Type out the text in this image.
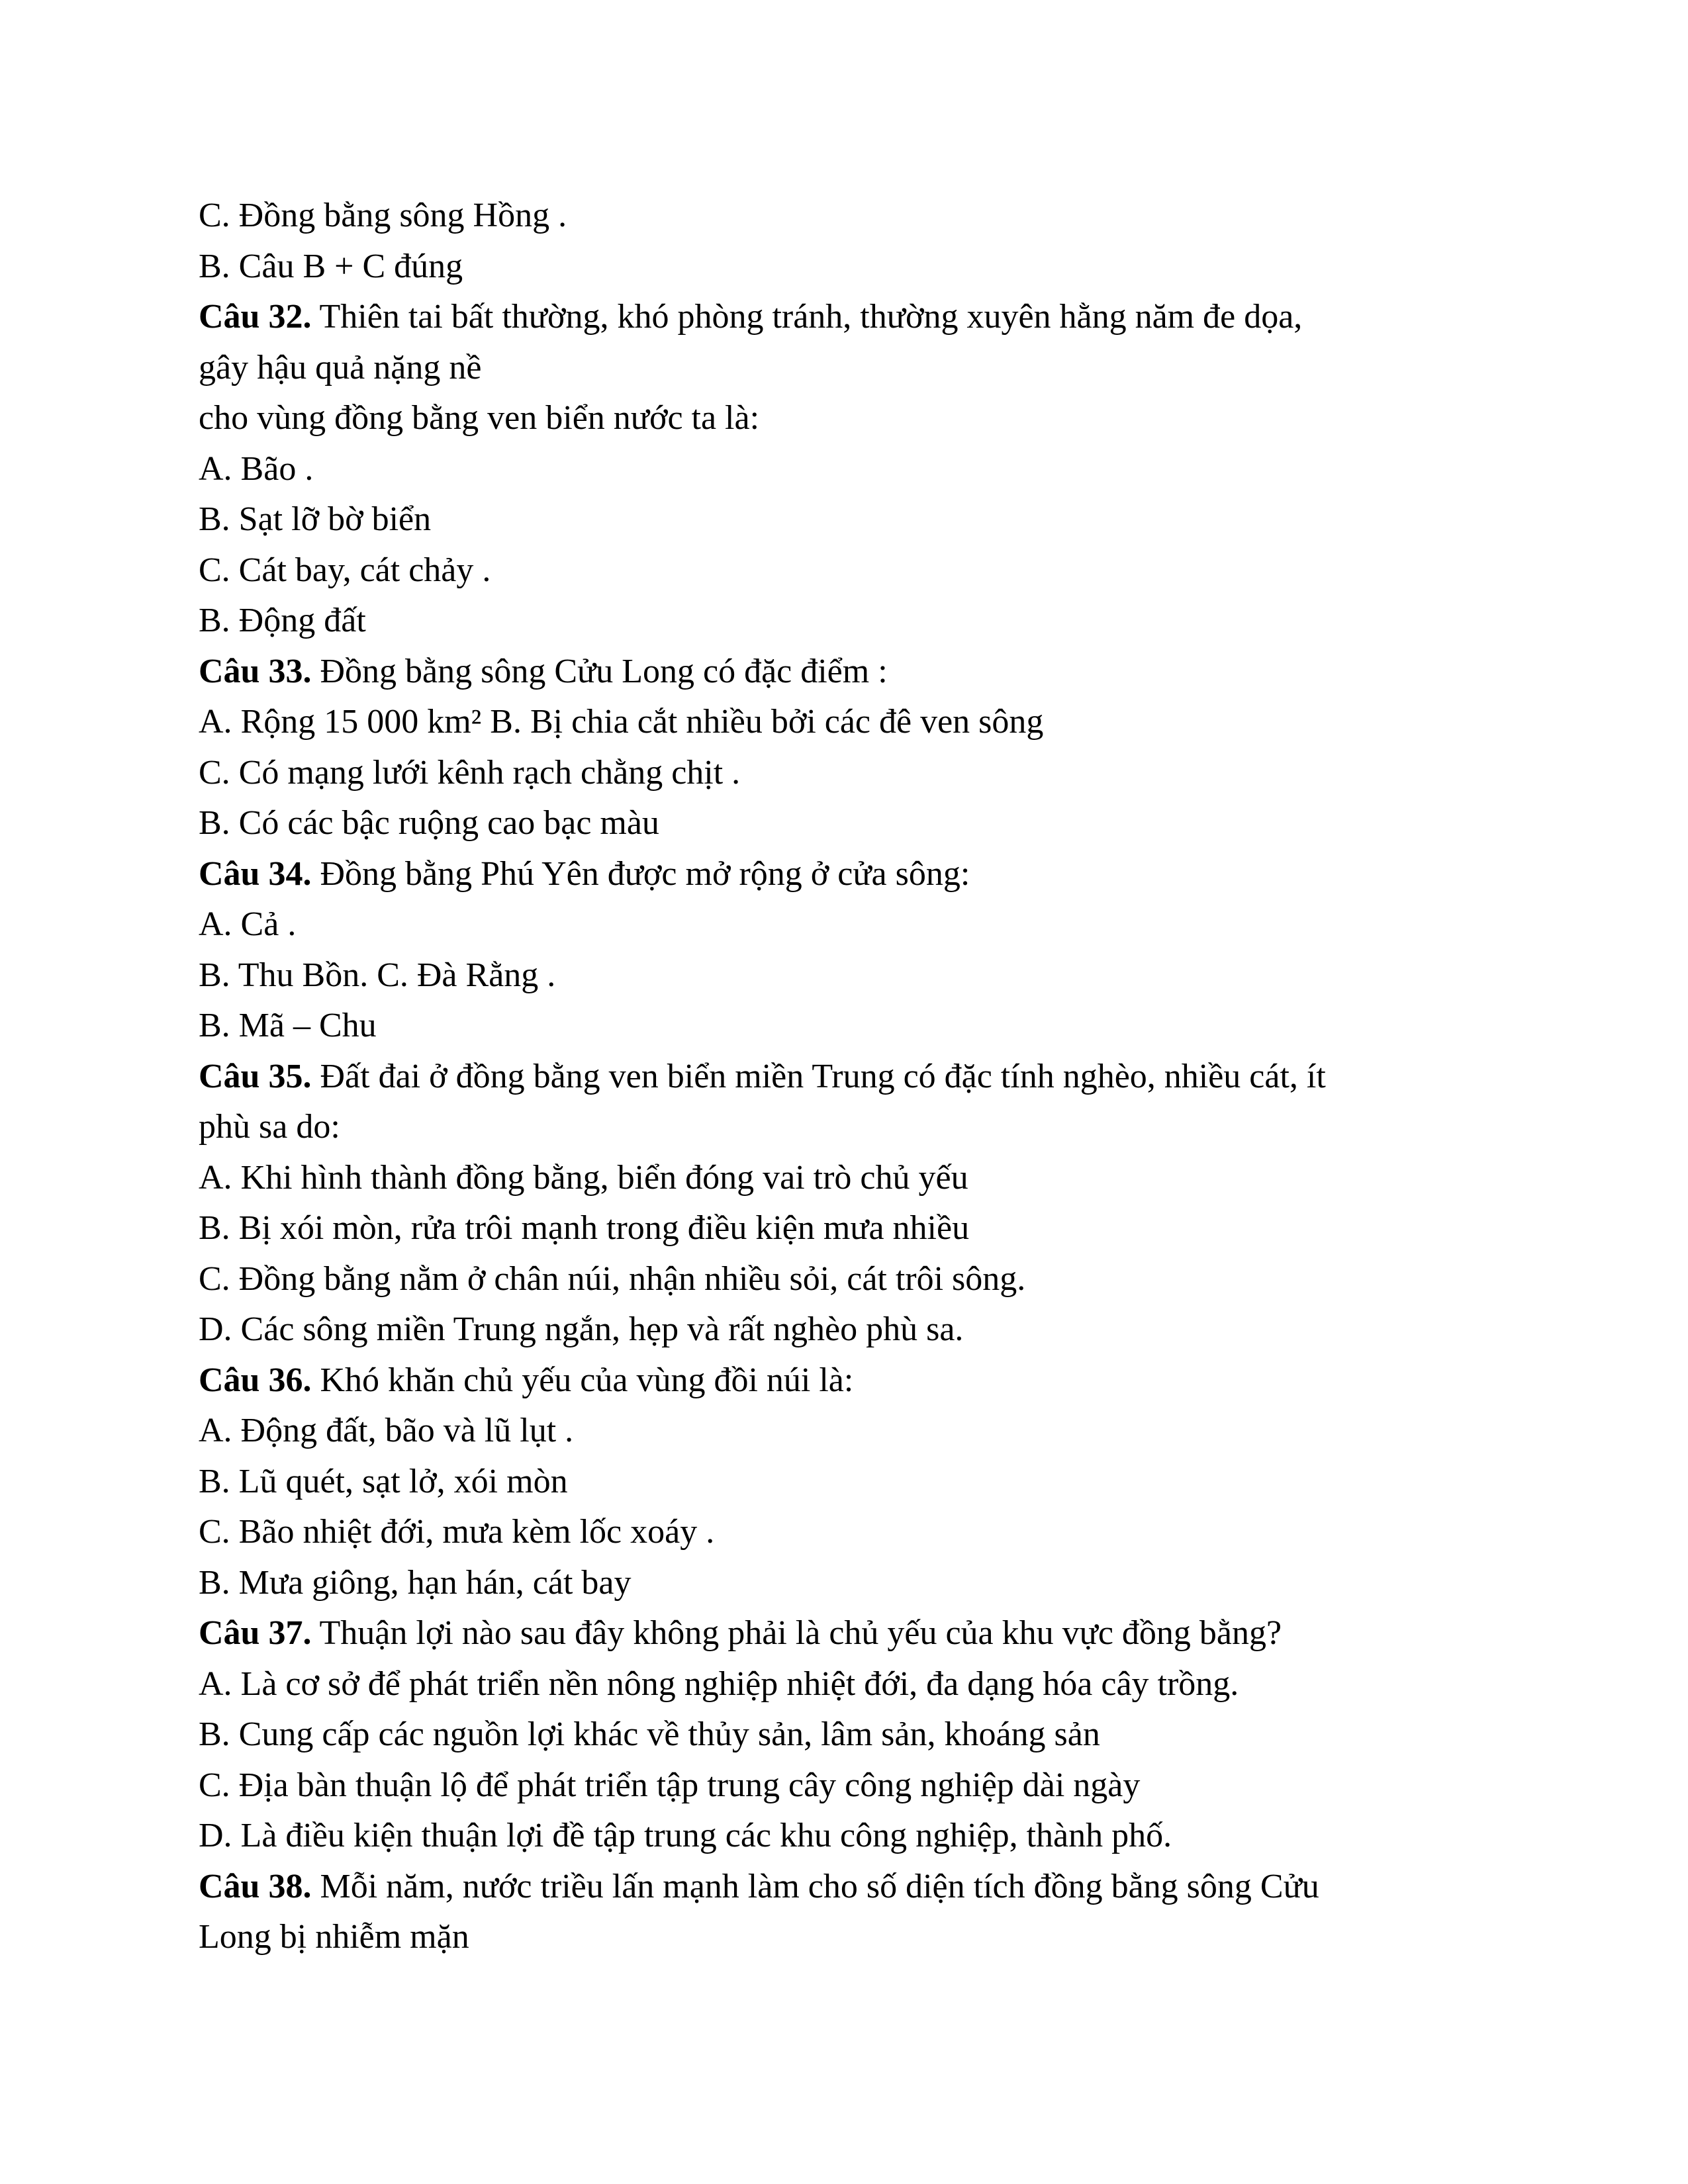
C. Đồng bằng sông Hồng .

B. Câu B + C đúng

Câu 32. Thiên tai bất thường, khó phòng tránh, thường xuyên hằng năm đe dọa,

gây hậu quả nặng nề

cho vùng đồng bằng ven biển nước ta là:

A. Bão .

B. Sạt lỡ bờ biển

C. Cát bay, cát chảy .

B. Động đất

Câu 33. Đồng bằng sông Cửu Long có đặc điểm :

A. Rộng 15 000 km² B. Bị chia cắt nhiều bởi các đê ven sông

C. Có mạng lưới kênh rạch chằng chịt .

B. Có các bậc ruộng cao bạc màu

Câu 34. Đồng bằng Phú Yên được mở rộng ở cửa sông:

A. Cả .

B. Thu Bồn. C. Đà Rằng .

B. Mã – Chu

Câu 35. Đất đai ở đồng bằng ven biển miền Trung có đặc tính nghèo, nhiều cát, ít

phù sa do:

A. Khi hình thành đồng bằng, biển đóng vai trò chủ yếu

B. Bị xói mòn, rửa trôi mạnh trong điều kiện mưa nhiều

C. Đồng bằng nằm ở chân núi, nhận nhiều sỏi, cát trôi sông.

D. Các sông miền Trung ngắn, hẹp và rất nghèo phù sa.

Câu 36. Khó khăn chủ yếu của vùng đồi núi là:

A. Động đất, bão và lũ lụt .

B. Lũ quét, sạt lở, xói mòn

C. Bão nhiệt đới, mưa kèm lốc xoáy .

B. Mưa giông, hạn hán, cát bay

Câu 37. Thuận lợi nào sau đây không phải là chủ yếu của khu vực đồng bằng?

A. Là cơ sở để phát triển nền nông nghiệp nhiệt đới, đa dạng hóa cây trồng.

B. Cung cấp các nguồn lợi khác về thủy sản, lâm sản, khoáng sản

C. Địa bàn thuận lộ để phát triển tập trung cây công nghiệp dài ngày

D. Là điều kiện thuận lợi đề tập trung các khu công nghiệp, thành phố.

Câu 38. Mỗi năm, nước triều lấn mạnh làm cho số diện tích đồng bằng sông Cửu

Long bị nhiễm mặn
